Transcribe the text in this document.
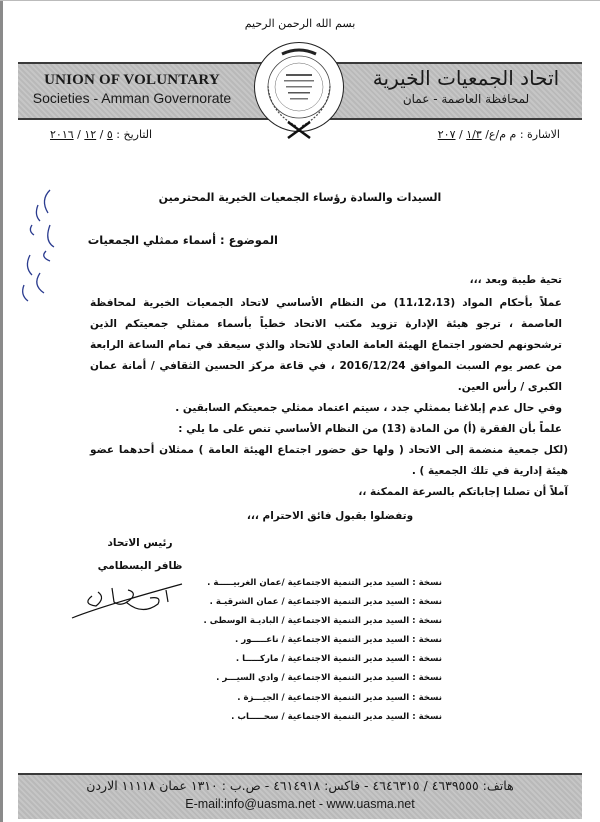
بسم الله الرحمن الرحيم
UNION OF VOLUNTARY
Societies - Amman Governorate
اتحاد الجمعيات الخيرية
لمحافظة العاصمة - عمان
الاشارة : م م/ع/ ١/٣ / ٢٠٧
التاريخ : ٥ / ١٢ / ٢٠١٦
السيدات والسادة رؤساء الجمعيات الخيرية المحترمين
الموضوع : أسماء ممثلي الجمعيات

تحية طيبة وبعد ،،،

عملاً بأحكام المواد (11،12،13) من النظام الأساسي لاتحاد الجمعيات الخيرية لمحافظة العاصمة ، ترجو هيئة الإدارة تزويد مكتب الاتحاد خطياً بأسماء ممثلي جمعيتكم الذين ترشحونهم لحضور اجتماع الهيئة العامة العادي للاتحاد والذي سيعقد في تمام الساعة الرابعة من عصر يوم السبت الموافق 2016/12/24 ، في قاعة مركز الحسين الثقافي / أمانة عمان الكبرى / رأس العين.

وفي حال عدم إبلاغنا بممثلي جدد ، سيتم اعتماد ممثلي جمعيتكم السابقين .

علماً بأن الفقرة (أ) من المادة (13) من النظام الأساسي تنص على ما يلي :

(لكل جمعية منضمة إلى الاتحاد ( ولها حق حضور اجتماع الهيئة العامة ) ممثلان أحدهما عضو هيئة إدارية في تلك الجمعية ) .

آملاً أن تصلنا إجاباتكم بالسرعة الممكنة ،،

وتفضلوا بقبول فائق الاحترام ،،،
رئيس الاتحاد
ظافر البسطامي
نسخة : السيد مدير التنمية الاجتماعية /عمان الغربيـــــة .
نسخة : السيد مدير التنمية الاجتماعية / عمان الشرقيـة .
نسخة : السيد مدير التنمية الاجتماعية / الباديـة الوسطى .
نسخة : السيد مدير التنمية الاجتماعية / ناعـــــور .
نسخة : السيد مدير التنمية الاجتماعية / ماركـــــا .
نسخة : السيد مدير التنمية الاجتماعية / وادي السيـــر .
نسخة : السيد مدير التنمية الاجتماعية / الجيـــزة .
نسخة : السيد مدير التنمية الاجتماعية / سحـــــاب .
هاتف: ٤٦٣٩٥٥٥ / ٤٦٤٦٣١٥ - فاكس: ٤٦١٤٩١٨ - ص.ب : ١٣١٠ عمان ١١١١٨ الاردن
E-mail:info@uasma.net - www.uasma.net
